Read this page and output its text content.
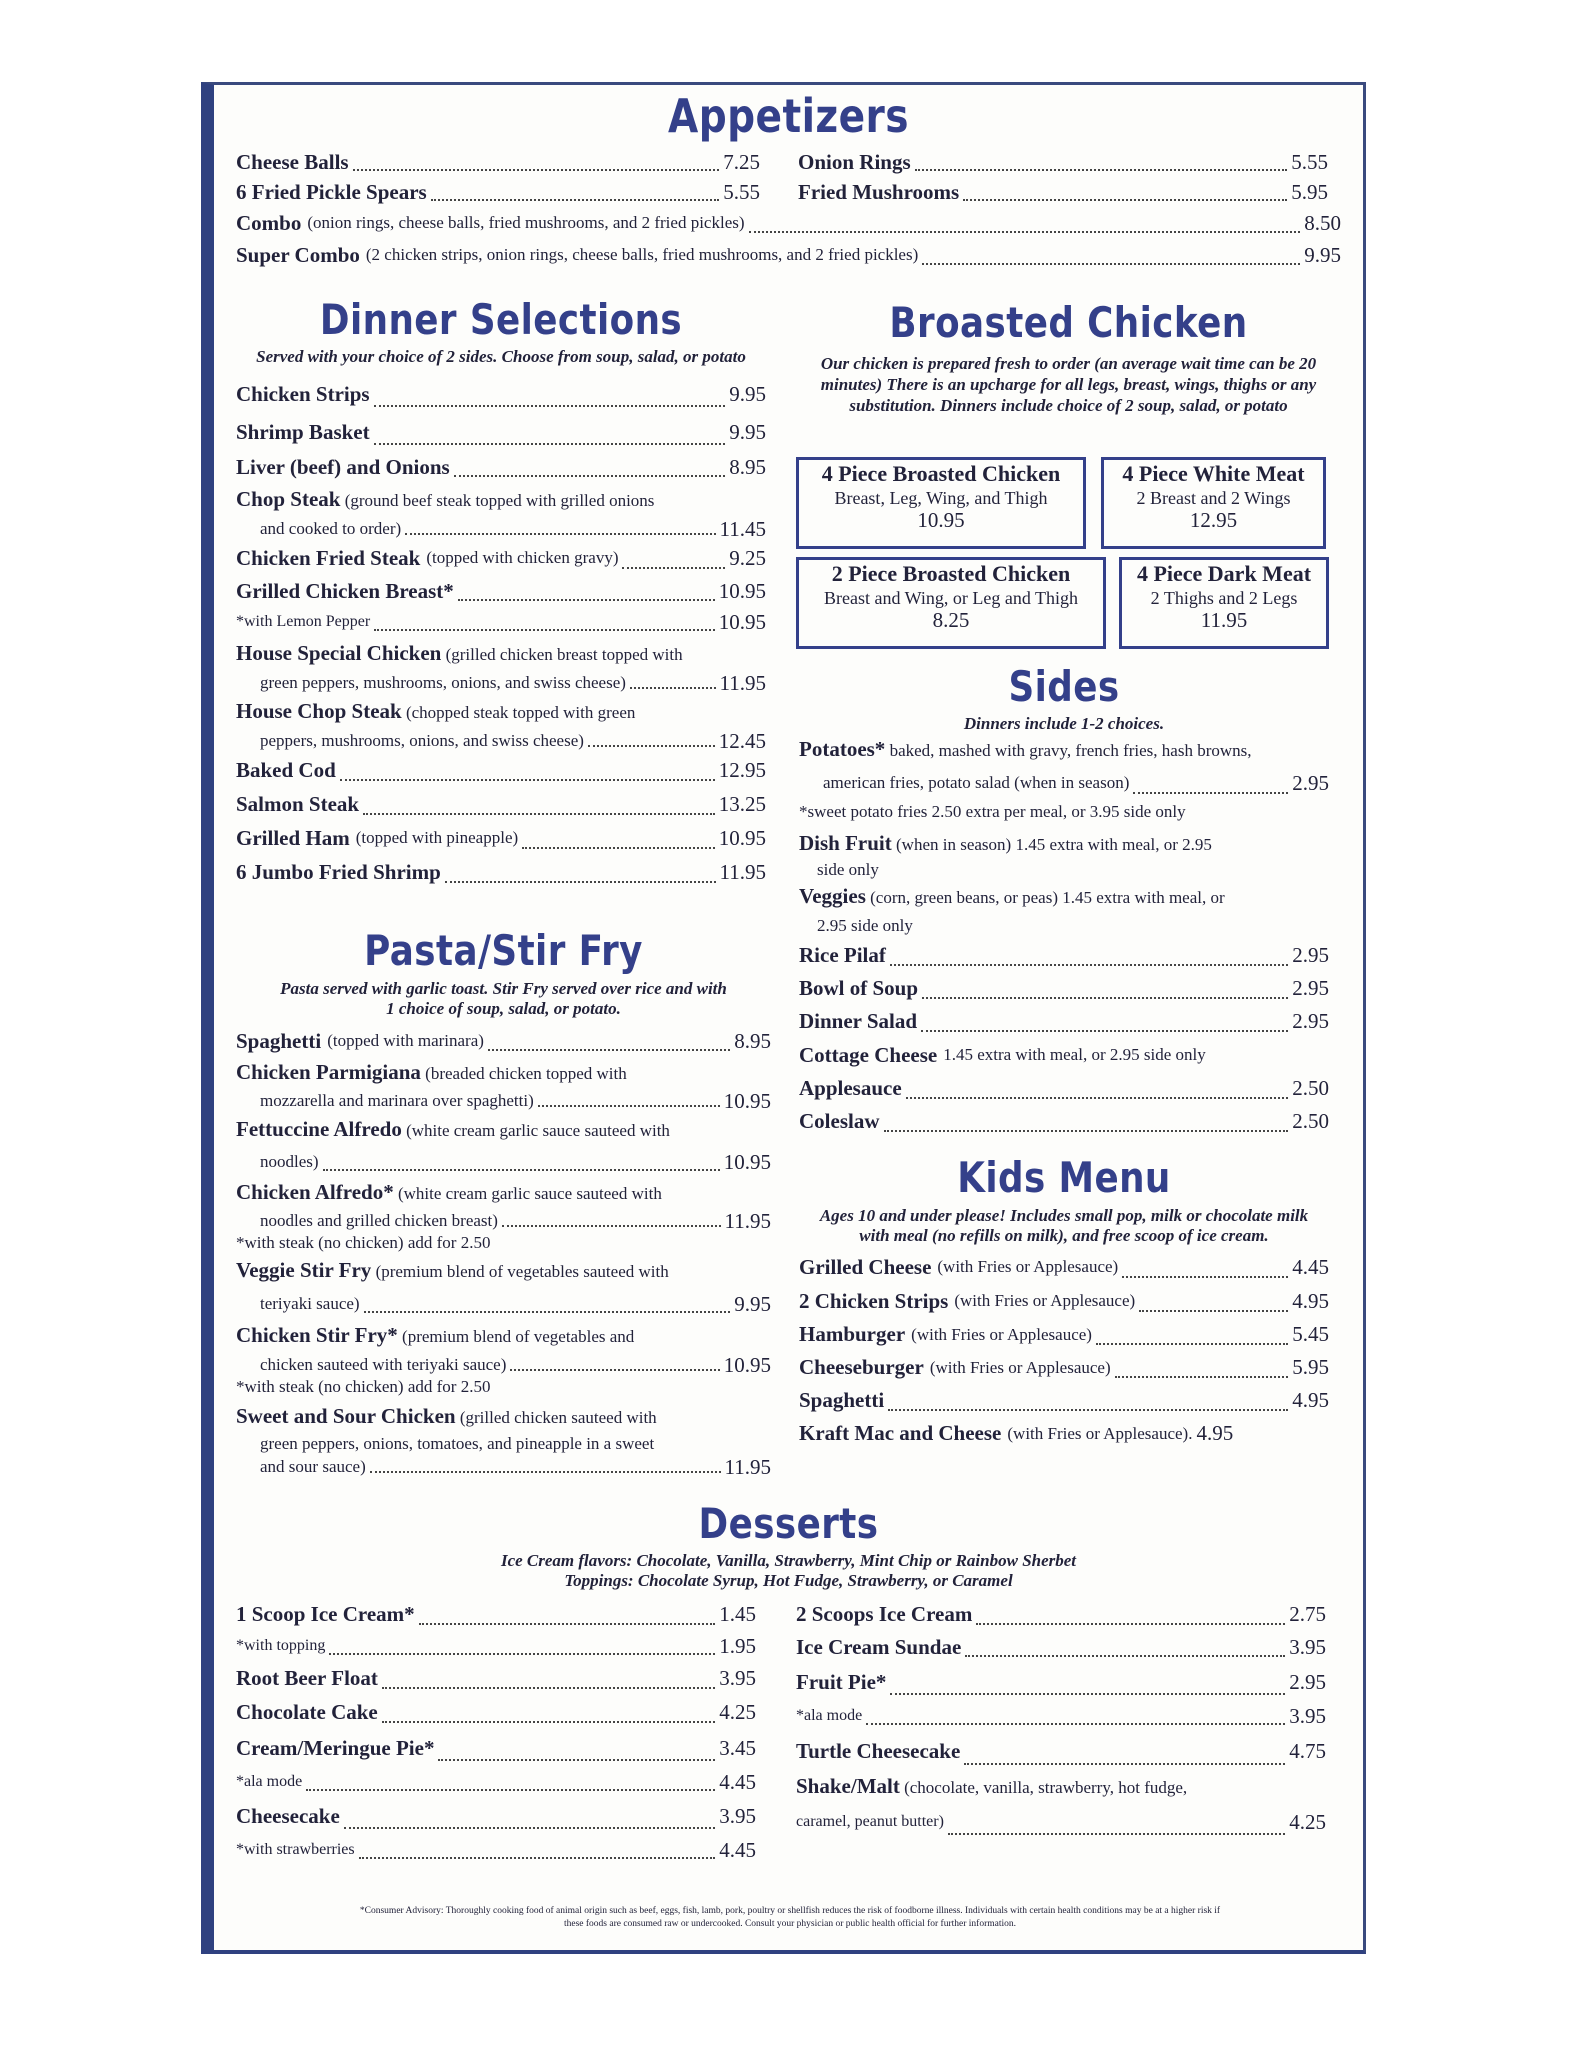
Appetizers
Cheese Balls	7.25
6 Fried Pickle Spears	5.55
Onion Rings	5.55
Fried Mushrooms	5.95
Combo (onion rings, cheese balls, fried mushrooms, and 2 fried pickles)	8.50
Super Combo (2 chicken strips, onion rings, cheese balls, fried mushrooms, and 2 fried pickles)	9.95
Dinner Selections
Served with your choice of 2 sides. Choose from soup, salad, or potato
Chicken Strips	9.95
Shrimp Basket	9.95
Liver (beef) and Onions	8.95
Chop Steak (ground beef steak topped with grilled onions
and cooked to order)	11.45
Chicken Fried Steak (topped with chicken gravy)	9.25
Grilled Chicken Breast*	10.95
*with Lemon Pepper	10.95
House Special Chicken (grilled chicken breast topped with
green peppers, mushrooms, onions, and swiss cheese)	11.95
House Chop Steak (chopped steak topped with green
peppers, mushrooms, onions, and swiss cheese)	12.45
Baked Cod	12.95
Salmon Steak	13.25
Grilled Ham (topped with pineapple)	10.95
6 Jumbo Fried Shrimp	11.95
Pasta/Stir Fry
Pasta served with garlic toast. Stir Fry served over rice and with 1 choice of soup, salad, or potato.
Spaghetti (topped with marinara)	8.95
Chicken Parmigiana (breaded chicken topped with
mozzarella and marinara over spaghetti)	10.95
Fettuccine Alfredo (white cream garlic sauce sauteed with
noodles)	10.95
Chicken Alfredo* (white cream garlic sauce sauteed with
noodles and grilled chicken breast)	11.95
*with steak (no chicken) add for 2.50
Veggie Stir Fry (premium blend of vegetables sauteed with
teriyaki sauce)	9.95
Chicken Stir Fry* (premium blend of vegetables and
chicken sauteed with teriyaki sauce)	10.95
*with steak (no chicken) add for 2.50
Sweet and Sour Chicken (grilled chicken sauteed with
green peppers, onions, tomatoes, and pineapple in a sweet
and sour sauce)	11.95
Broasted Chicken
Our chicken is prepared fresh to order (an average wait time can be 20 minutes) There is an upcharge for all legs, breast, wings, thighs or any substitution. Dinners include choice of 2 soup, salad, or potato
4 Piece Broasted Chicken
Breast, Leg, Wing, and Thigh
10.95
4 Piece White Meat
2 Breast and 2 Wings
12.95
2 Piece Broasted Chicken
Breast and Wing, or Leg and Thigh
8.25
4 Piece Dark Meat
2 Thighs and 2 Legs
11.95
Sides
Dinners include 1-2 choices.
Potatoes* baked, mashed with gravy, french fries, hash browns,
american fries, potato salad (when in season)	2.95
*sweet potato fries 2.50 extra per meal, or 3.95 side only
Dish Fruit (when in season) 1.45 extra with meal, or 2.95
side only
Veggies (corn, green beans, or peas) 1.45 extra with meal, or
2.95 side only
Rice Pilaf	2.95
Bowl of Soup	2.95
Dinner Salad	2.95
Cottage Cheese 1.45 extra with meal, or 2.95 side only
Applesauce	2.50
Coleslaw	2.50
Kids Menu
Ages 10 and under please! Includes small pop, milk or chocolate milk with meal (no refills on milk), and free scoop of ice cream.
Grilled Cheese (with Fries or Applesauce)	4.45
2 Chicken Strips (with Fries or Applesauce)	4.95
Hamburger (with Fries or Applesauce)	5.45
Cheeseburger (with Fries or Applesauce)	5.95
Spaghetti	4.95
Kraft Mac and Cheese (with Fries or Applesauce). 4.95
Desserts
Ice Cream flavors: Chocolate, Vanilla, Strawberry, Mint Chip or Rainbow Sherbet
Toppings: Chocolate Syrup, Hot Fudge, Strawberry, or Caramel
1 Scoop Ice Cream*	1.45
*with topping	1.95
Root Beer Float	3.95
Chocolate Cake	4.25
Cream/Meringue Pie*	3.45
*ala mode	4.45
Cheesecake	3.95
*with strawberries	4.45
2 Scoops Ice Cream	2.75
Ice Cream Sundae	3.95
Fruit Pie*	2.95
*ala mode	3.95
Turtle Cheesecake	4.75
Shake/Malt (chocolate, vanilla, strawberry, hot fudge,
caramel, peanut butter)	4.25
*Consumer Advisory: Thoroughly cooking food of animal origin such as beef, eggs, fish, lamb, pork, poultry or shellfish reduces the risk of foodborne illness. Individuals with certain health conditions may be at a higher risk if
these foods are consumed raw or undercooked. Consult your physician or public health official for further information.
